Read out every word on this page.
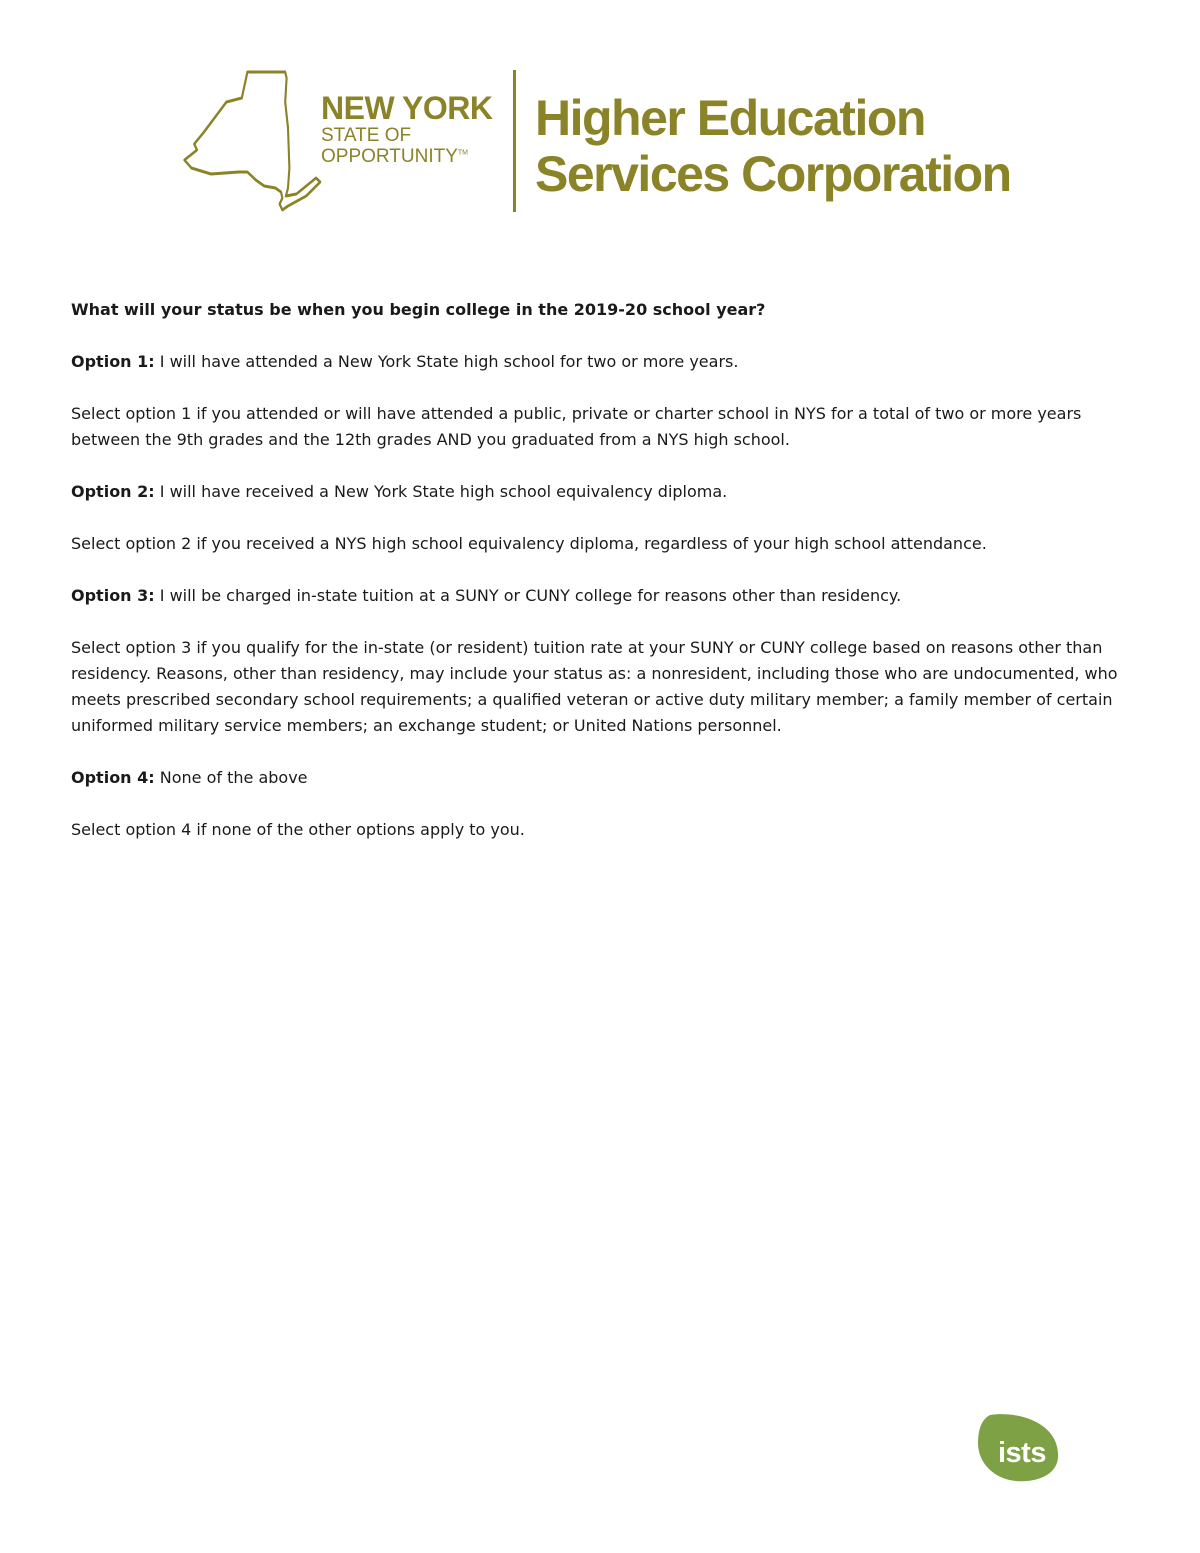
NEW YORK
STATE OF
OPPORTUNITY™
Higher Education
Services Corporation

What will your status be when you begin college in the 2019-20 school year?

Option 1: I will have attended a New York State high school for two or more years.

Select option 1 if you attended or will have attended a public, private or charter school in NYS for a total of two or more years between the 9th grades and the 12th grades AND you graduated from a NYS high school.

Option 2: I will have received a New York State high school equivalency diploma.

Select option 2 if you received a NYS high school equivalency diploma, regardless of your high school attendance.

Option 3: I will be charged in-state tuition at a SUNY or CUNY college for reasons other than residency.

Select option 3 if you qualify for the in-state (or resident) tuition rate at your SUNY or CUNY college based on reasons other than residency. Reasons, other than residency, may include your status as: a nonresident, including those who are undocumented, who meets prescribed secondary school requirements; a qualified veteran or active duty military member; a family member of certain uniformed military service members; an exchange student; or United Nations personnel.

Option 4: None of the above

Select option 4 if none of the other options apply to you.

ists
